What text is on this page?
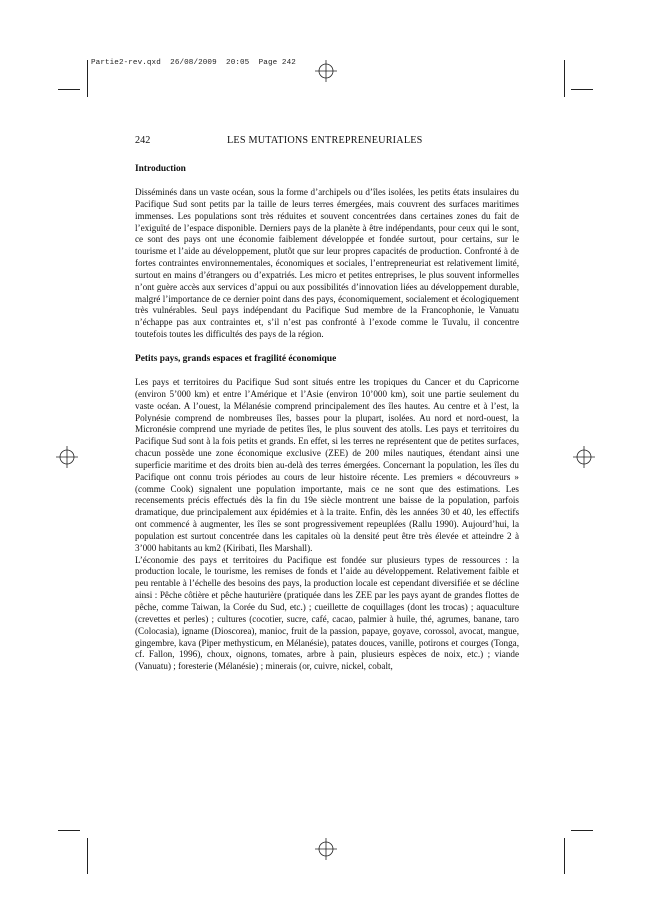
Partie2-rev.qxd  26/08/2009  20:05  Page 242
242	LES MUTATIONS ENTREPRENEURIALES
Introduction

Disséminés dans un vaste océan, sous la forme d’archipels ou d’îles isolées, les petits états insulaires du Pacifique Sud sont petits par la taille de leurs terres émergées, mais couvrent des surfaces maritimes immenses. Les populations sont très réduites et souvent concentrées dans certaines zones du fait de l’exiguïté de l’espace disponible. Derniers pays de la planète à être indépendants, pour ceux qui le sont, ce sont des pays ont une économie faiblement développée et fondée surtout, pour certains, sur le tourisme et l’aide au développement, plutôt que sur leur propres capacités de production. Confronté à de fortes contraintes environnementales, économiques et sociales, l’entrepreneuriat est relativement limité, surtout en mains d’étrangers ou d’expatriés. Les micro et petites entreprises, le plus souvent informelles n’ont guère accès aux services d’appui ou aux possibilités d’innovation liées au développement durable, malgré l’importance de ce dernier point dans des pays, économiquement, socialement et écologiquement très vulnérables. Seul pays indépendant du Pacifique Sud membre de la Francophonie, le Vanuatu n’échappe pas aux contraintes et, s’il n’est pas confronté à l’exode comme le Tuvalu, il concentre toutefois toutes les difficultés des pays de la région.

Petits pays, grands espaces et fragilité économique

Les pays et territoires du Pacifique Sud sont situés entre les tropiques du Cancer et du Capricorne (environ 5’000 km) et entre l’Amérique et l’Asie (environ 10’000 km), soit une partie seulement du vaste océan. A l’ouest, la Mélanésie comprend principalement des îles hautes. Au centre et à l’est, la Polynésie comprend de nombreuses îles, basses pour la plupart, isolées. Au nord et nord-ouest, la Micronésie comprend une myriade de petites îles, le plus souvent des atolls. Les pays et territoires du Pacifique Sud sont à la fois petits et grands. En effet, si les terres ne représentent que de petites surfaces, chacun possède une zone économique exclusive (ZEE) de 200 miles nautiques, étendant ainsi une superficie maritime et des droits bien au-delà des terres émergées. Concernant la population, les îles du Pacifique ont connu trois périodes au cours de leur histoire récente. Les premiers « découvreurs » (comme Cook) signalent une population importante, mais ce ne sont que des estimations. Les recensements précis effectués dès la fin du 19e siècle montrent une baisse de la population, parfois dramatique, due principalement aux épidémies et à la traite. Enfin, dès les années 30 et 40, les effectifs ont commencé à augmenter, les îles se sont progressivement repeuplées (Rallu 1990). Aujourd’hui, la population est surtout concentrée dans les capitales où la densité peut être très élevée et atteindre 2 à 3’000 habitants au km2 (Kiribati, Iles Marshall).

L’économie des pays et territoires du Pacifique est fondée sur plusieurs types de ressources : la production locale, le tourisme, les remises de fonds et l’aide au développement. Relativement faible et peu rentable à l’échelle des besoins des pays, la production locale est cependant diversifiée et se décline ainsi : Pêche côtière et pêche hauturière (pratiquée dans les ZEE par les pays ayant de grandes flottes de pêche, comme Taiwan, la Corée du Sud, etc.) ; cueillette de coquillages (dont les trocas) ; aquaculture (crevettes et perles) ; cultures (cocotier, sucre, café, cacao, palmier à huile, thé, agrumes, banane, taro (Colocasia), igname (Dioscorea), manioc, fruit de la passion, papaye, goyave, corossol, avocat, mangue, gingembre, kava (Piper methysticum, en Mélanésie), patates douces, vanille, potirons et courges (Tonga, cf. Fallon, 1996), choux, oignons, tomates, arbre à pain, plusieurs espèces de noix, etc.) ; viande (Vanuatu) ; foresterie (Mélanésie) ; minerais (or, cuivre, nickel, cobalt,
